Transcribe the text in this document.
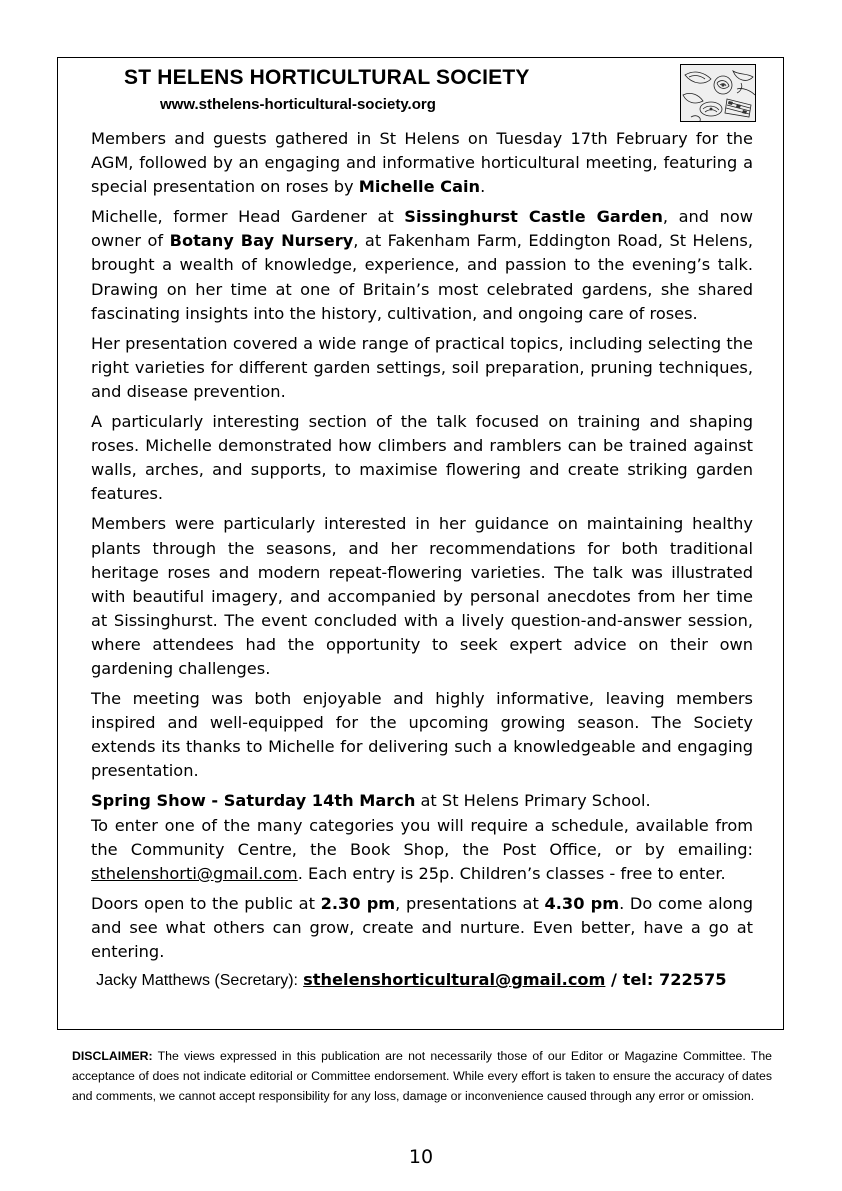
ST HELENS HORTICULTURAL SOCIETY
www.sthelens-horticultural-society.org

Members and guests gathered in St Helens on Tuesday 17th February for the AGM, followed by an engaging and informative horticultural meeting, featuring a special presentation on roses by Michelle Cain.

Michelle, former Head Gardener at Sissinghurst Castle Garden, and now owner of Botany Bay Nursery, at Fakenham Farm, Eddington Road, St Helens, brought a wealth of knowledge, experience, and passion to the evening’s talk. Drawing on her time at one of Britain’s most celebrated gardens, she shared fascinating insights into the history, cultivation, and ongoing care of roses.

Her presentation covered a wide range of practical topics, including selecting the right varieties for different garden settings, soil preparation, pruning techniques, and disease prevention.

A particularly interesting section of the talk focused on training and shaping roses. Michelle demonstrated how climbers and ramblers can be trained against walls, arches, and supports, to maximise flowering and create striking garden features.

Members were particularly interested in her guidance on maintaining healthy plants through the seasons, and her recommendations for both traditional heritage roses and modern repeat-flowering varieties. The talk was illustrated with beautiful imagery, and accompanied by personal anecdotes from her time at Sissinghurst. The event concluded with a lively question-and-answer session, where attendees had the opportunity to seek expert advice on their own gardening challenges.

The meeting was both enjoyable and highly informative, leaving members inspired and well-equipped for the upcoming growing season. The Society extends its thanks to Michelle for delivering such a knowledgeable and engaging presentation.

Spring Show - Saturday 14th March at St Helens Primary School.

To enter one of the many categories you will require a schedule, available from the Community Centre, the Book Shop, the Post Office, or by emailing: sthelenshorti@gmail.com. Each entry is 25p. Children’s classes - free to enter.

Doors open to the public at 2.30 pm, presentations at 4.30 pm. Do come along and see what others can grow, create and nurture. Even better, have a go at entering.

Jacky Matthews (Secretary): sthelenshorticultural@gmail.com / tel: 722575

DISCLAIMER: The views expressed in this publication are not necessarily those of our Editor or Magazine Committee. The acceptance of does not indicate editorial or Committee endorsement. While every effort is taken to ensure the accuracy of dates and comments, we cannot accept responsibility for any loss, damage or inconvenience caused through any error or omission.
10
